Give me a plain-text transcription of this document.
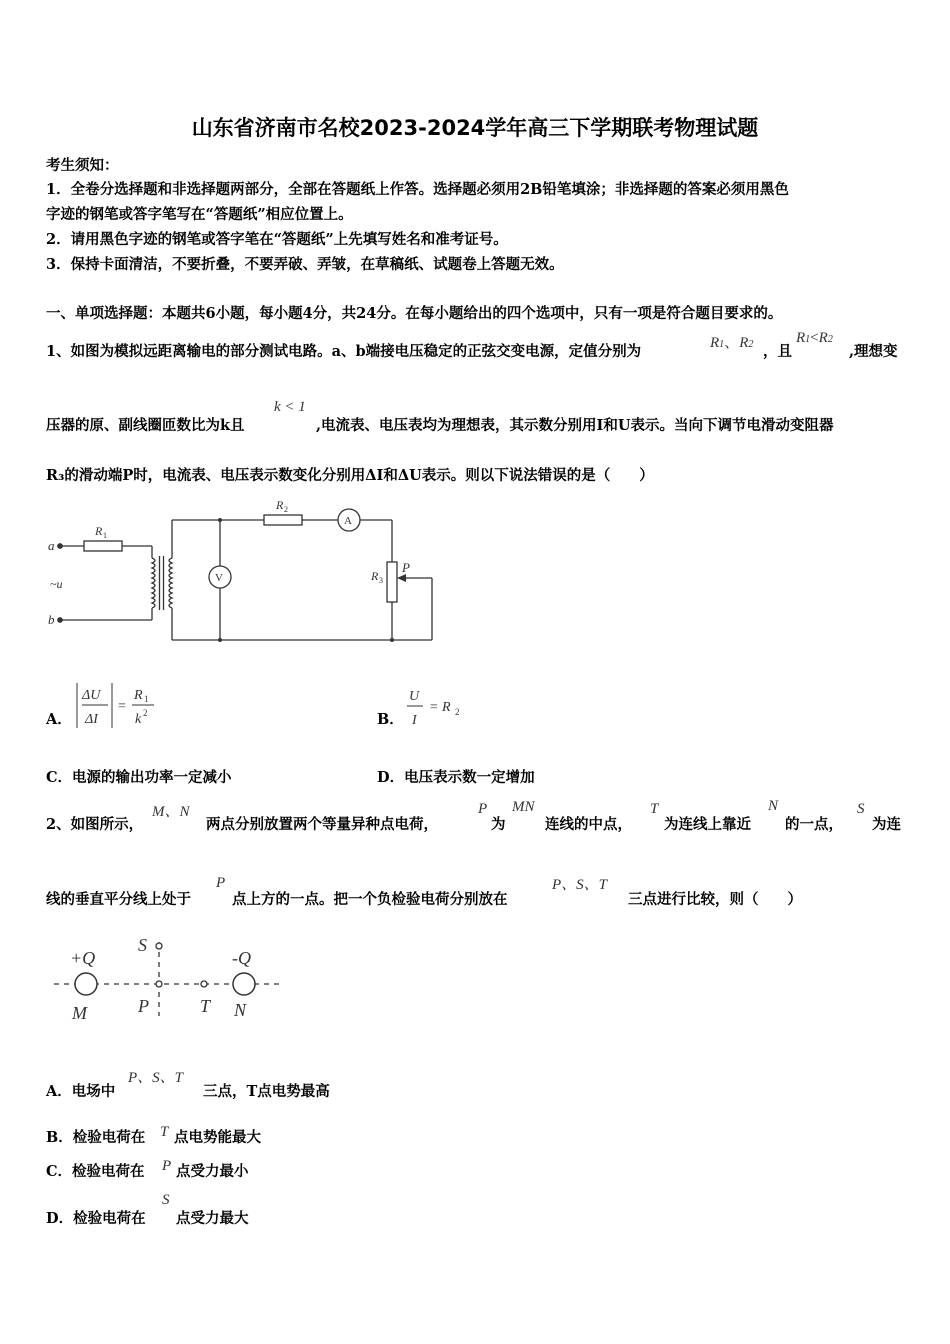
山东省济南市名校2023-2024学年高三下学期联考物理试题
考生须知：
1．全卷分选择题和非选择题两部分，全部在答题纸上作答。选择题必须用2B铅笔填涂；非选择题的答案必须用黑色
字迹的钢笔或答字笔写在“答题纸”相应位置上。
2．请用黑色字迹的钢笔或答字笔在“答题纸”上先填写姓名和准考证号。
3．保持卡面清洁，不要折叠，不要弄破、弄皱，在草稿纸、试题卷上答题无效。
一、单项选择题：本题共6小题，每小题4分，共24分。在每小题给出的四个选项中，只有一项是符合题目要求的。
1、如图为模拟远距离输电的部分测试电路。a、b端接电压稳定的正弦交变电源，定值分别为	R1、R2 ，且
R1<R2
,理想变
压器的原、副线圈匝数比为k且
k < 1
,电流表、电压表均为理想表，其示数分别用I和U表示。当向下调节电滑动变阻器
R₃的滑动端P时，电流表、电压表示数变化分别用ΔI和ΔU表示。则以下说法错误的是（　　）
a
b
~u
R 1
R 2
R 3
P
A
V
A．
ΔU
ΔI
=
R 1
k 2	B．
U
I
= R 2
C．电源的输出功率一定减小	D．电压表示数一定增加
2、如图所示，
M、N
两点分别放置两个等量异种点电荷，
P
为
MN
连线的中点，
T
为连线上靠近
N
的一点，
S
为连
线的垂直平分线上处于
P
点上方的一点。把一个负检验电荷分别放在
P、S、T
三点进行比较，则（　　）
+Q	-Q
M	P	T N
S
A．电场中
P、S、T
三点，T点电势最高
B．检验电荷在 T 点电势能最大
C．检验电荷在 P 点受力最小
D．检验电荷在
S
点受力最大
